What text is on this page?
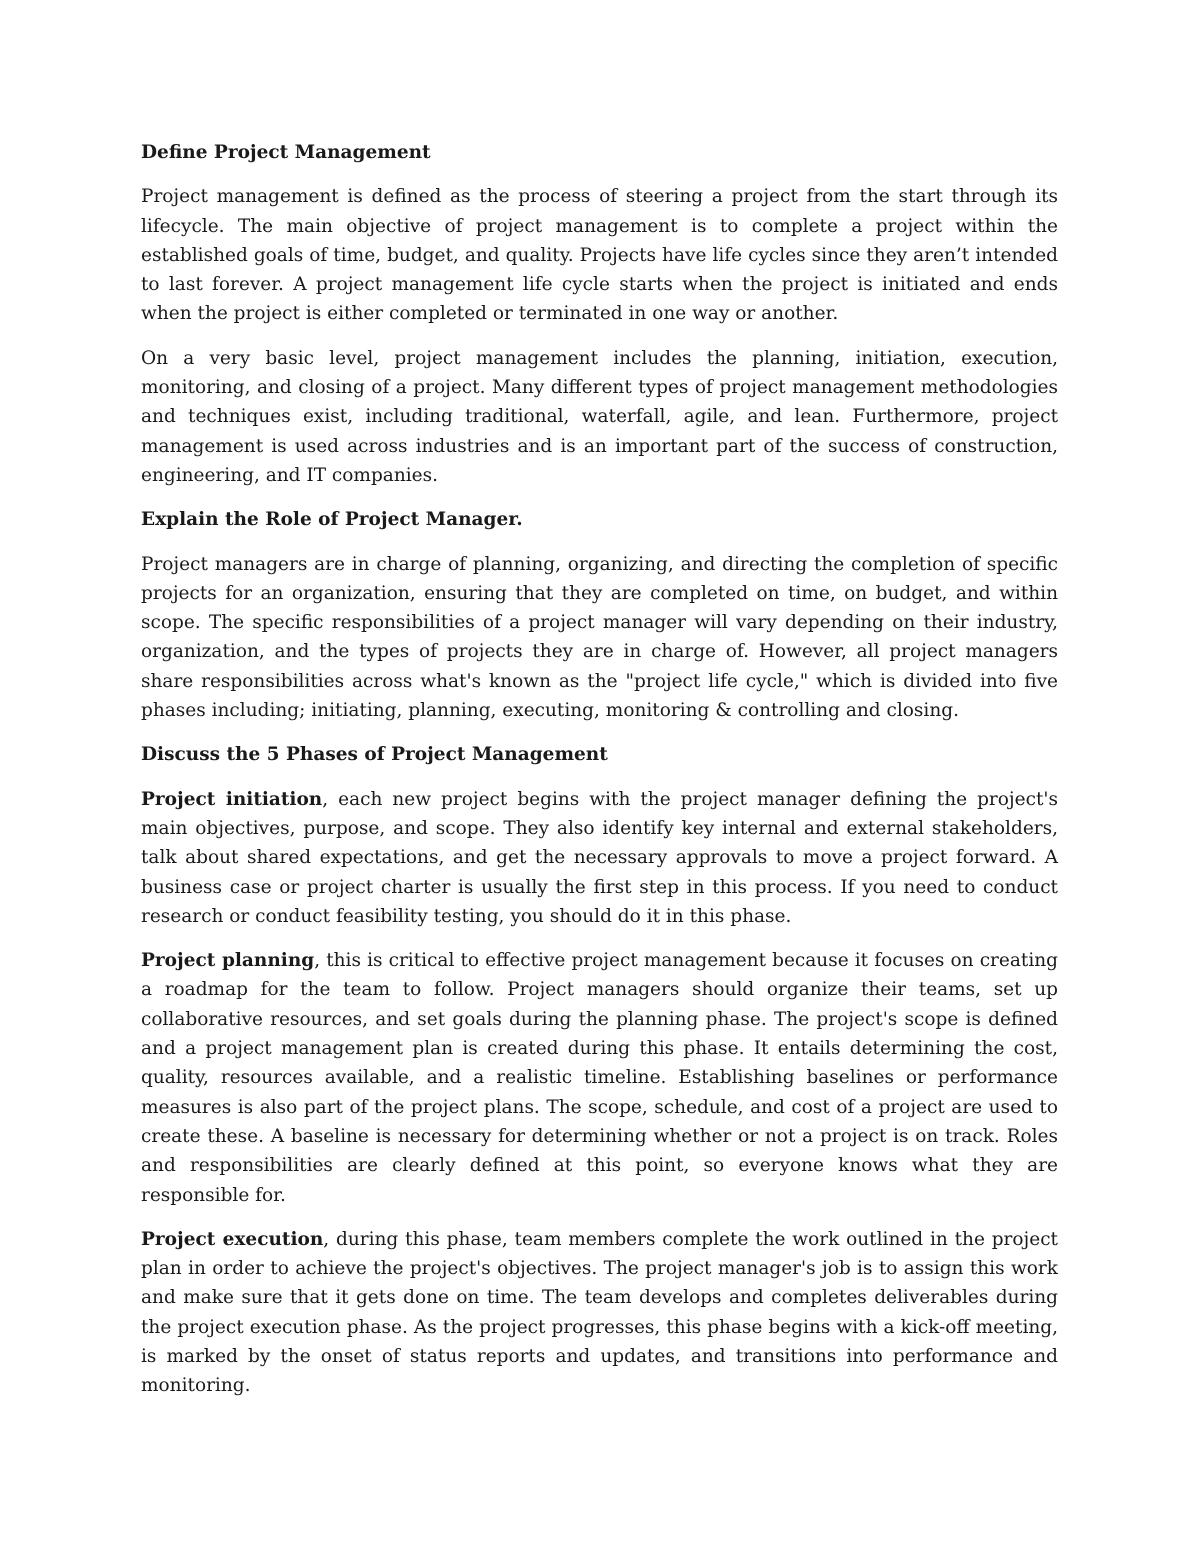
Define Project Management

Project management is defined as the process of steering a project from the start through its lifecycle. The main objective of project management is to complete a project within the established goals of time, budget, and quality. Projects have life cycles since they aren’t intended to last forever. A project management life cycle starts when the project is initiated and ends when the project is either completed or terminated in one way or another.

On a very basic level, project management includes the planning, initiation, execution, monitoring, and closing of a project. Many different types of project management methodologies and techniques exist, including traditional, waterfall, agile, and lean. Furthermore, project management is used across industries and is an important part of the success of construction, engineering, and IT companies.

Explain the Role of Project Manager.

Project managers are in charge of planning, organizing, and directing the completion of specific projects for an organization, ensuring that they are completed on time, on budget, and within scope. The specific responsibilities of a project manager will vary depending on their industry, organization, and the types of projects they are in charge of. However, all project managers share responsibilities across what's known as the "project life cycle," which is divided into five phases including; initiating, planning, executing, monitoring & controlling and closing.

Discuss the 5 Phases of Project Management

Project initiation, each new project begins with the project manager defining the project's main objectives, purpose, and scope. They also identify key internal and external stakeholders, talk about shared expectations, and get the necessary approvals to move a project forward. A business case or project charter is usually the first step in this process. If you need to conduct research or conduct feasibility testing, you should do it in this phase.

Project planning, this is critical to effective project management because it focuses on creating a roadmap for the team to follow. Project managers should organize their teams, set up collaborative resources, and set goals during the planning phase. The project's scope is defined and a project management plan is created during this phase. It entails determining the cost, quality, resources available, and a realistic timeline. Establishing baselines or performance measures is also part of the project plans. The scope, schedule, and cost of a project are used to create these. A baseline is necessary for determining whether or not a project is on track. Roles and responsibilities are clearly defined at this point, so everyone knows what they are responsible for.

Project execution, during this phase, team members complete the work outlined in the project plan in order to achieve the project's objectives. The project manager's job is to assign this work and make sure that it gets done on time. The team develops and completes deliverables during the project execution phase. As the project progresses, this phase begins with a kick-off meeting, is marked by the onset of status reports and updates, and transitions into performance and monitoring.
